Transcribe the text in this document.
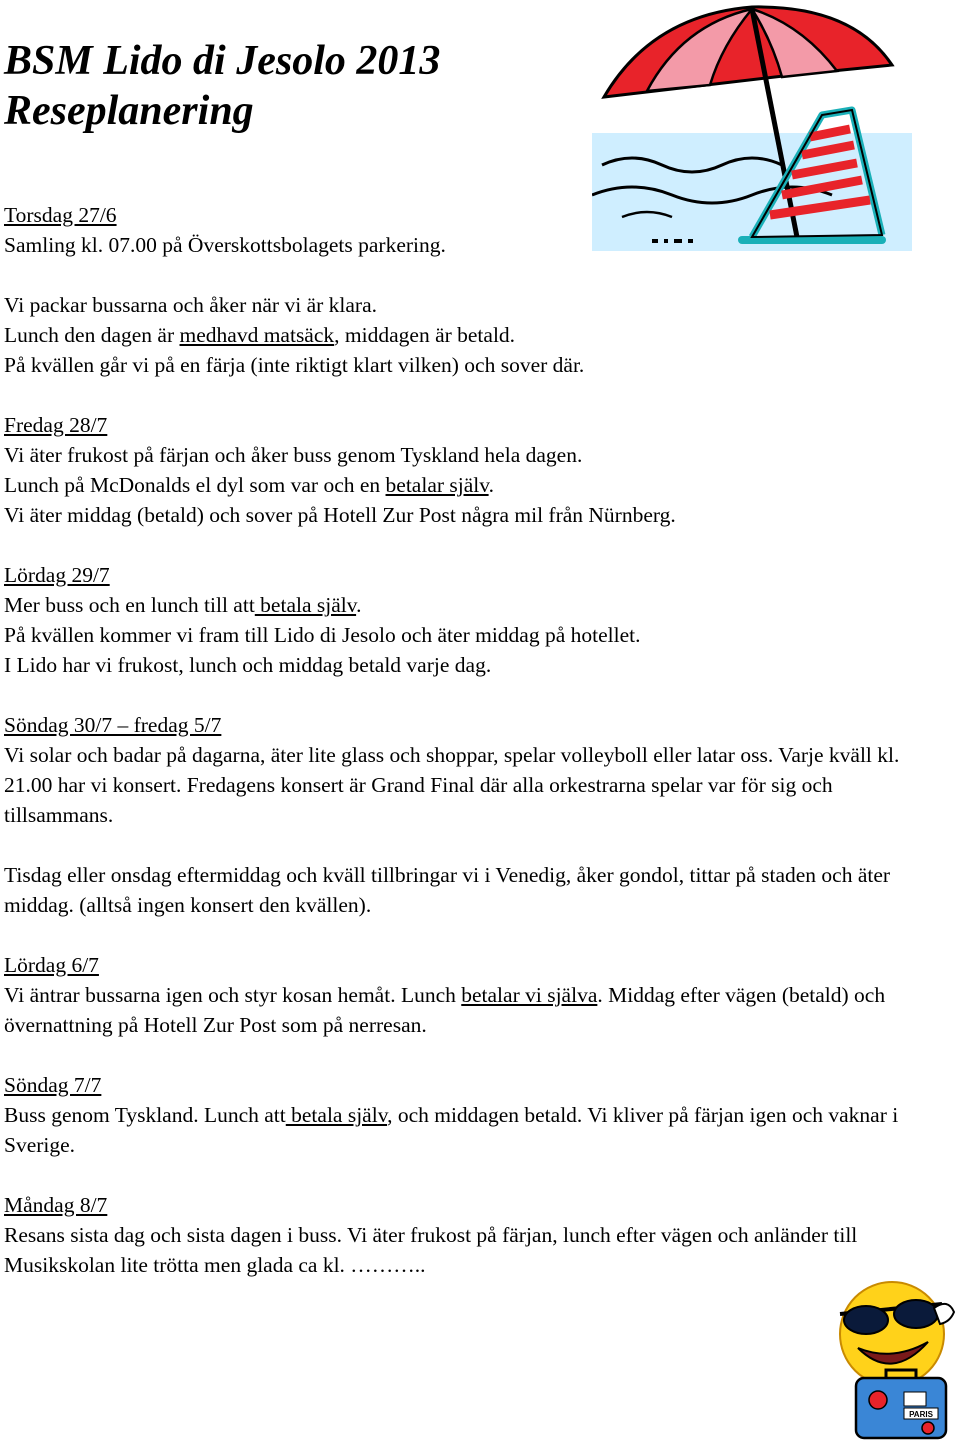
BSM Lido di Jesolo 2013
Reseplanering
Torsdag 27/6

Samling kl. 07.00 på Överskottsbolagets parkering.

Vi packar bussarna och åker när vi är klara.

Lunch den dagen är medhavd matsäck, middagen är betald.

På kvällen går vi på en färja (inte riktigt klart vilken) och sover där.

Fredag 28/7

Vi äter frukost på färjan och åker buss genom Tyskland hela dagen.

Lunch på McDonalds el dyl som var och en betalar själv.

Vi äter middag (betald) och sover på Hotell Zur Post några mil från Nürnberg.

Lördag 29/7

Mer buss och en lunch till att betala själv.

På kvällen kommer vi fram till Lido di Jesolo och äter middag på hotellet.

I Lido har vi frukost, lunch och middag betald varje dag.

Söndag 30/7 – fredag 5/7

Vi solar och badar på dagarna, äter lite glass och shoppar, spelar volleyboll eller latar oss. Varje kväll kl. 21.00 har vi konsert. Fredagens konsert är Grand Final där alla orkestrarna spelar var för sig och tillsammans.

Tisdag eller onsdag eftermiddag och kväll tillbringar vi i Venedig, åker gondol, tittar på staden och äter middag. (alltså ingen konsert den kvällen).

Lördag 6/7

Vi äntrar bussarna igen och styr kosan hemåt. Lunch betalar vi själva. Middag efter vägen (betald) och övernattning på Hotell Zur Post som på nerresan.

Söndag 7/7

Buss genom Tyskland. Lunch att betala själv, och middagen betald. Vi kliver på färjan igen och vaknar i Sverige.

Måndag 8/7

Resans sista dag och sista dagen i buss. Vi äter frukost på färjan, lunch efter vägen och anländer till Musikskolan lite trötta men glada ca kl. ………..

PARIS
